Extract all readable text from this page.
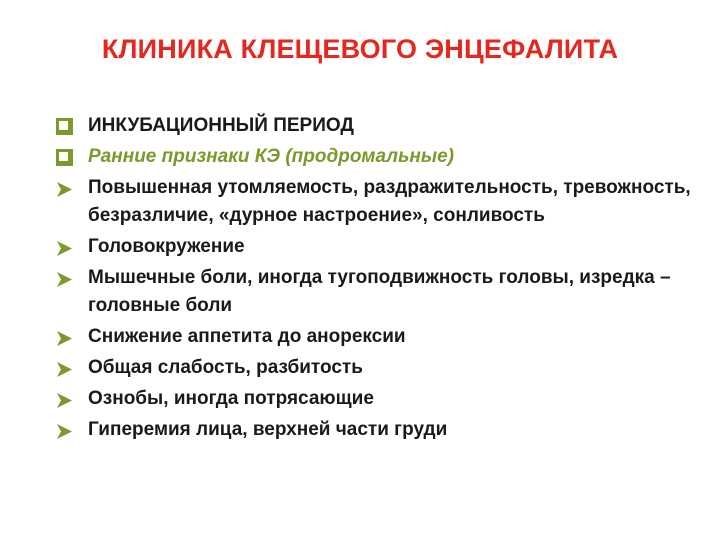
КЛИНИКА КЛЕЩЕВОГО ЭНЦЕФАЛИТА
ИНКУБАЦИОННЫЙ ПЕРИОД
Ранние признаки КЭ (продромальные)
Повышенная утомляемость, раздражительность, тревожность, безразличие, «дурное настроение», сонливость
Головокружение
Мышечные боли, иногда тугоподвижность головы, изредка – головные боли
Снижение аппетита до анорексии
Общая слабость, разбитость
Ознобы, иногда потрясающие
Гиперемия лица, верхней части груди
